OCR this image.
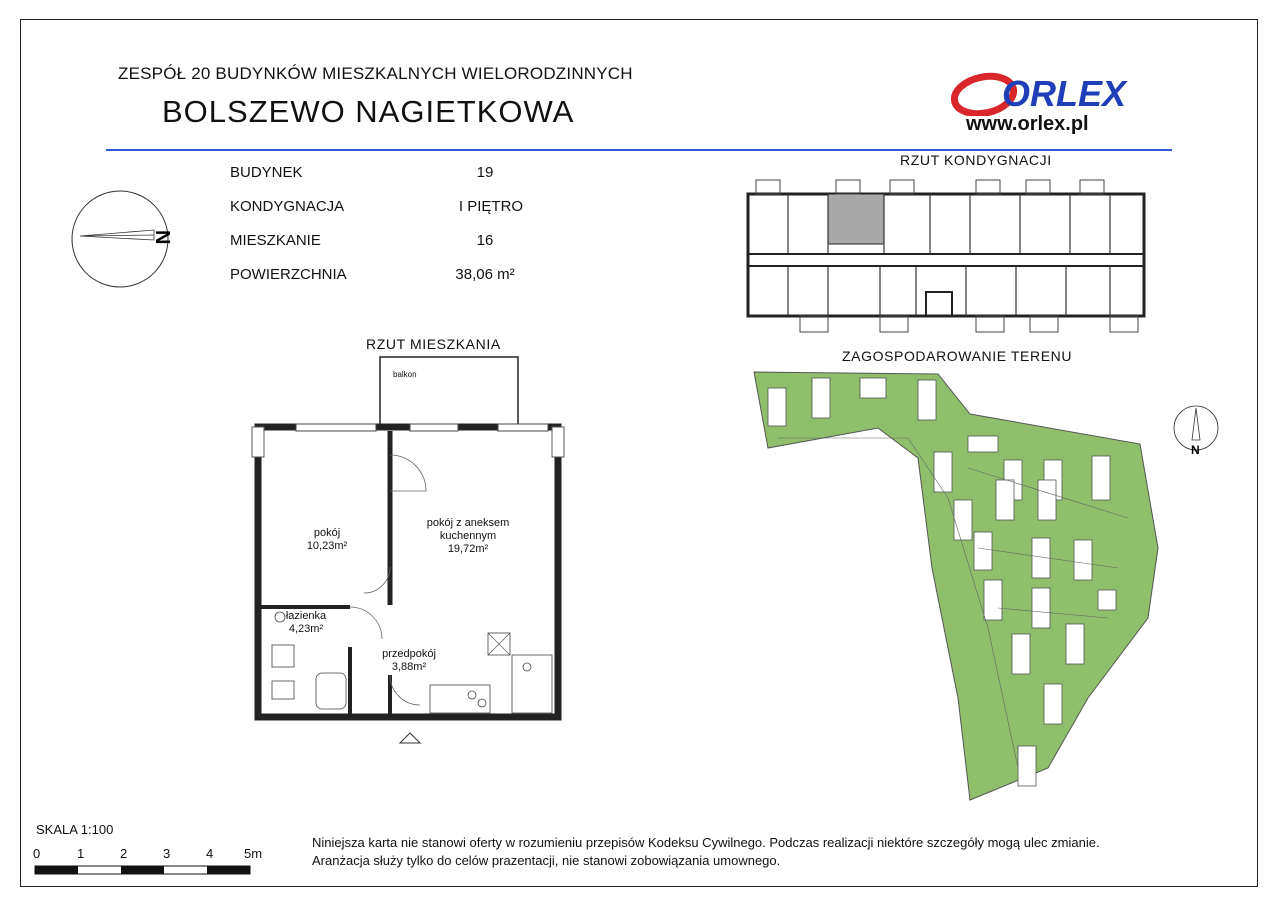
ZESPÓŁ 20 BUDYNKÓW MIESZKALNYCH WIELORODZINNYCH
BOLSZEWO NAGIETKOWA	ORLEX
www.orlex.pl
N
BUDYNEK	19
KONDYGNACJA	I PIĘTRO
MIESZKANIE	16
POWIERZCHNIA	38,06 m²
RZUT MIESZKANIA
balkon
pokój
10,23m²
pokój z aneksem
kuchennym
19,72m²
łazienka
4,23m²
przedpokój
3,88m²
RZUT KONDYGNACJI
ZAGOSPODAROWANIE TERENU
N
SKALA 1:100
0	1	2	3	4 5m
Niniejsza karta nie stanowi oferty w rozumieniu przepisów Kodeksu Cywilnego. Podczas realizacji niektóre szczegóły mogą ulec zmianie.
Aranżacja służy tylko do celów prazentacji, nie stanowi zobowiązania umownego.
